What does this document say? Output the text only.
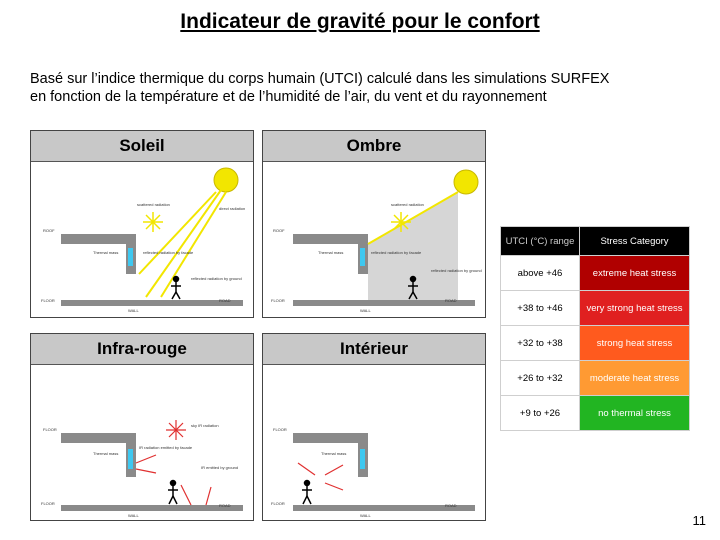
Indicateur de gravité pour le confort
Basé sur l’indice thermique du corps humain (UTCI) calculé dans les simulations SURFEX
en fonction de la température et de l’humidité de l’air, du vent et du rayonnement
Soleil
scattered radiation
direct radiation
reflected radiation by facade
reflected radiation by ground
ROOF
Thermal mass
FLOOR	ROAD
WALL
Ombre
scattered radiation
reflected radiation by facade
reflected radiation by ground
ROOF
Thermal mass
FLOOR	ROAD
WALL
Infra-rouge
sky IR radiation
IR radiation emitted by facade
IR emitted by ground
FLOOR
Thermal mass
FLOOR	ROAD
WALL
Intérieur
FLOOR
Thermal mass
FLOOR	ROAD
WALL
UTCI (°C) range	Stress Category
above +46	extreme heat stress
+38 to +46	very strong heat stress
+32 to +38	strong heat stress
+26 to +32	moderate heat stress
+9 to +26	no thermal stress
11
